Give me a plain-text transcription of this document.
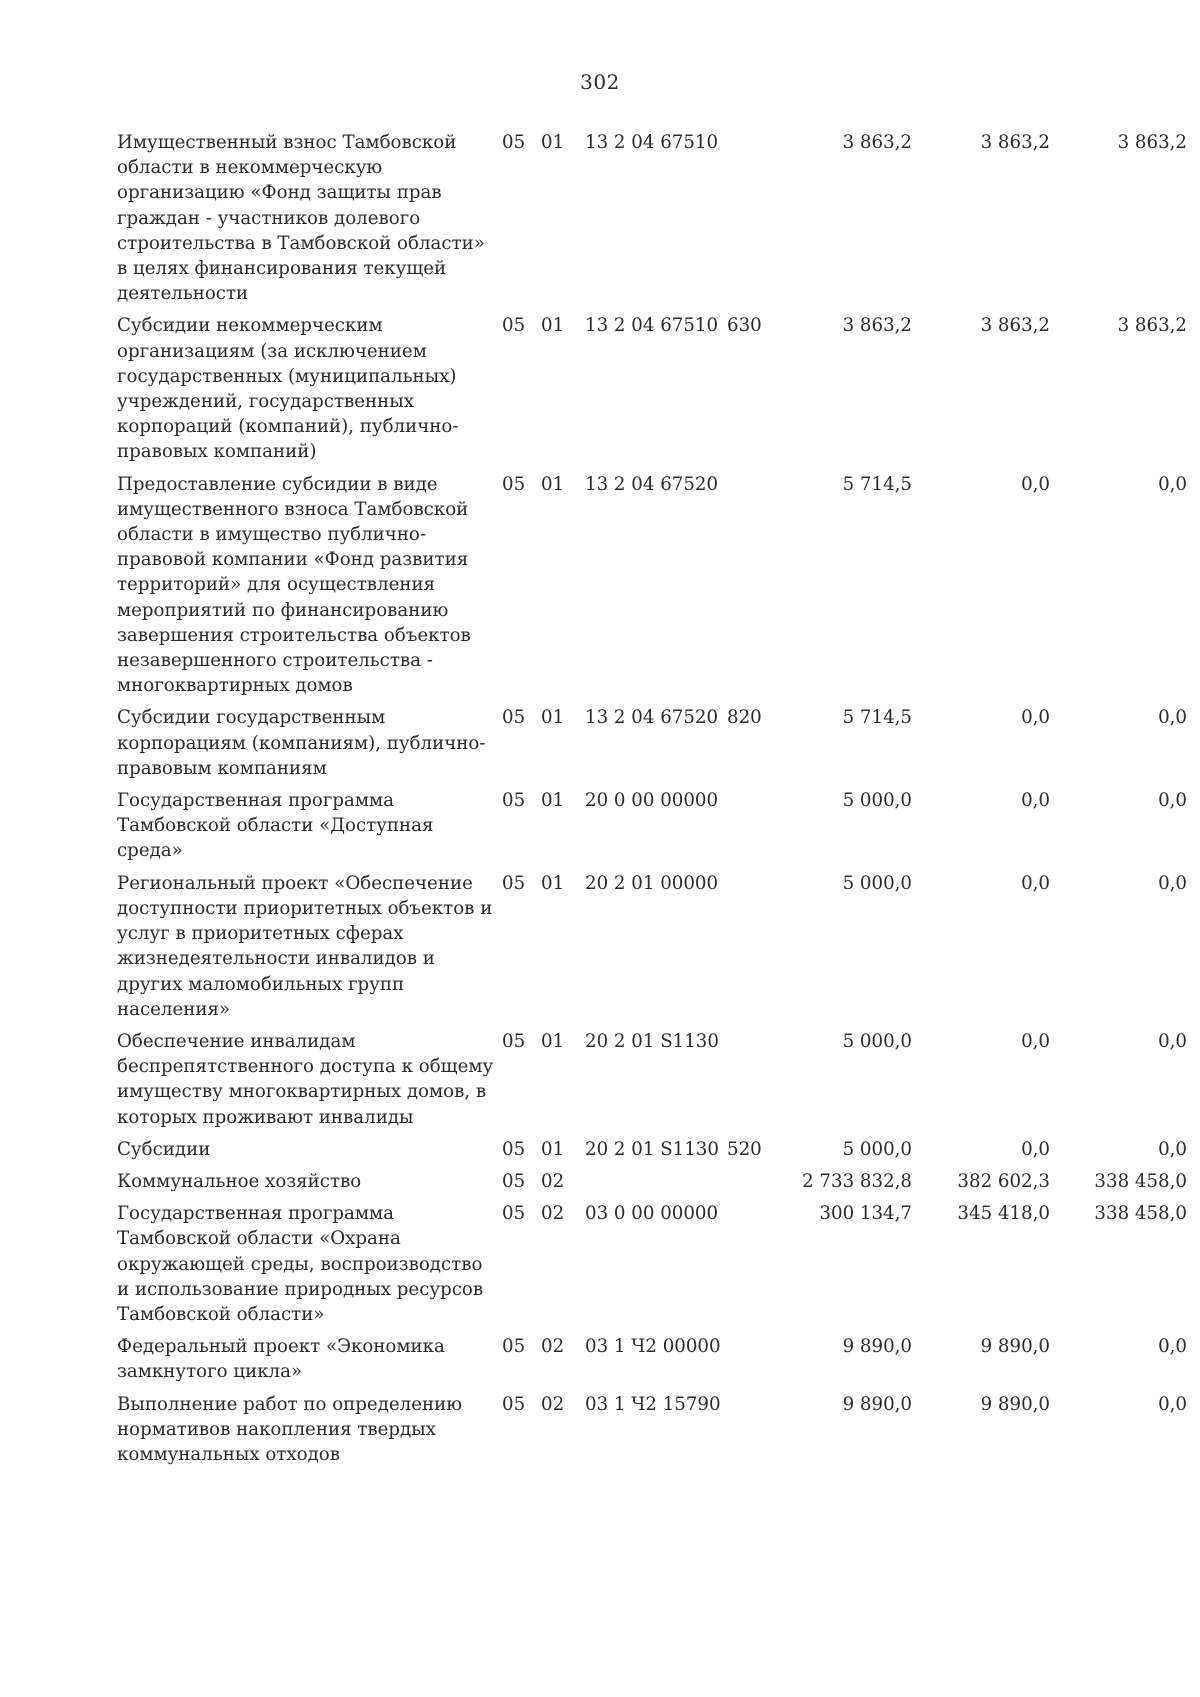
302
Имущественный взнос Тамбовской области в некоммерческую организацию «Фонд защиты прав граждан - участников долевого строительства в Тамбовской области» в целях финансирования текущей деятельности	05	01	13 2 04 67510		3 863,2	3 863,2	3 863,2
Субсидии некоммерческим организациям (за исключением государственных (муниципальных) учреждений, государственных корпораций (компаний), публично-правовых компаний)	05	01	13 2 04 67510	630	3 863,2	3 863,2	3 863,2
Предоставление субсидии в виде имущественного взноса Тамбовской области в имущество публично-правовой компании «Фонд развития территорий» для осуществления мероприятий по финансированию завершения строительства объектов незавершенного строительства - многоквартирных домов	05	01	13 2 04 67520		5 714,5	0,0	0,0
Субсидии государственным корпорациям (компаниям), публично-правовым компаниям	05	01	13 2 04 67520	820	5 714,5	0,0	0,0
Государственная программа Тамбовской области «Доступная среда»	05	01	20 0 00 00000		5 000,0	0,0	0,0
Региональный проект «Обеспечение доступности приоритетных объектов и услуг в приоритетных сферах жизнедеятельности инвалидов и других маломобильных групп населения»	05	01	20 2 01 00000		5 000,0	0,0	0,0
Обеспечение инвалидам беспрепятственного доступа к общему имуществу многоквартирных домов, в которых проживают инвалиды	05	01	20 2 01 S1130		5 000,0	0,0	0,0
Субсидии	05	01	20 2 01 S1130	520	5 000,0	0,0	0,0
Коммунальное хозяйство	05	02			2 733 832,8	382 602,3	338 458,0
Государственная программа Тамбовской области «Охрана окружающей среды, воспроизводство и использование природных ресурсов Тамбовской области»	05	02	03 0 00 00000		300 134,7	345 418,0	338 458,0
Федеральный проект «Экономика замкнутого цикла»	05	02	03 1 Ч2 00000		9 890,0	9 890,0	0,0
Выполнение работ по определению нормативов накопления твердых коммунальных отходов	05	02	03 1 Ч2 15790		9 890,0	9 890,0	0,0
